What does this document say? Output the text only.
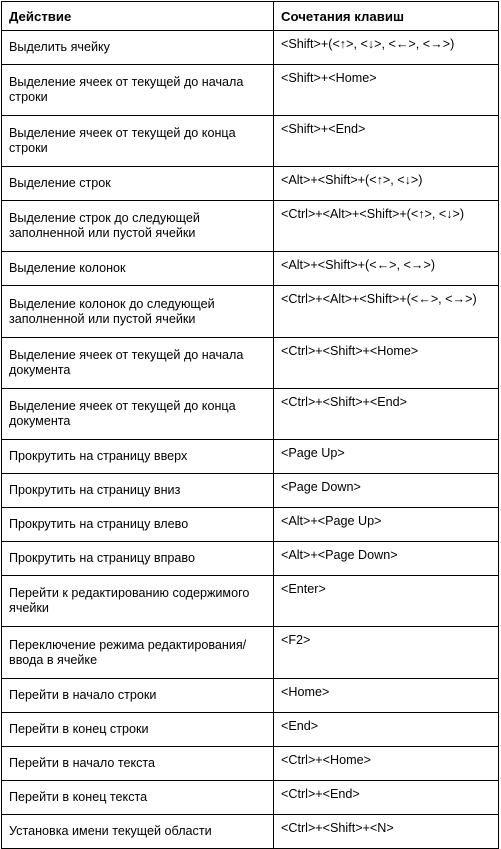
Действие	Сочетания клавиш
Выделить ячейку	<Shift>+(<↑>, <↓>, <←>, <→>)
Выделение ячеек от текущей до начала строки	<Shift>+<Home>
Выделение ячеек от текущей до конца строки	<Shift>+<End>
Выделение строк	<Alt>+<Shift>+(<↑>, <↓>)
Выделение строк до следующей заполненной или пустой ячейки	<Ctrl>+<Alt>+<Shift>+(<↑>, <↓>)
Выделение колонок	<Alt>+<Shift>+(<←>, <→>)
Выделение колонок до следующей заполненной или пустой ячейки	<Ctrl>+<Alt>+<Shift>+(<←>, <→>)
Выделение ячеек от текущей до начала документа	<Ctrl>+<Shift>+<Home>
Выделение ячеек от текущей до конца документа	<Ctrl>+<Shift>+<End>
Прокрутить на страницу вверх	<Page Up>
Прокрутить на страницу вниз	<Page Down>
Прокрутить на страницу влево	<Alt>+<Page Up>
Прокрутить на страницу вправо	<Alt>+<Page Down>
Перейти к редактированию содержимого ячейки	<Enter>
Переключение режима редактирования/ввода в ячейке	<F2>
Перейти в начало строки	<Home>
Перейти в конец строки	<End>
Перейти в начало текста	<Ctrl>+<Home>
Перейти в конец текста	<Ctrl>+<End>
Установка имени текущей области	<Ctrl>+<Shift>+<N>
